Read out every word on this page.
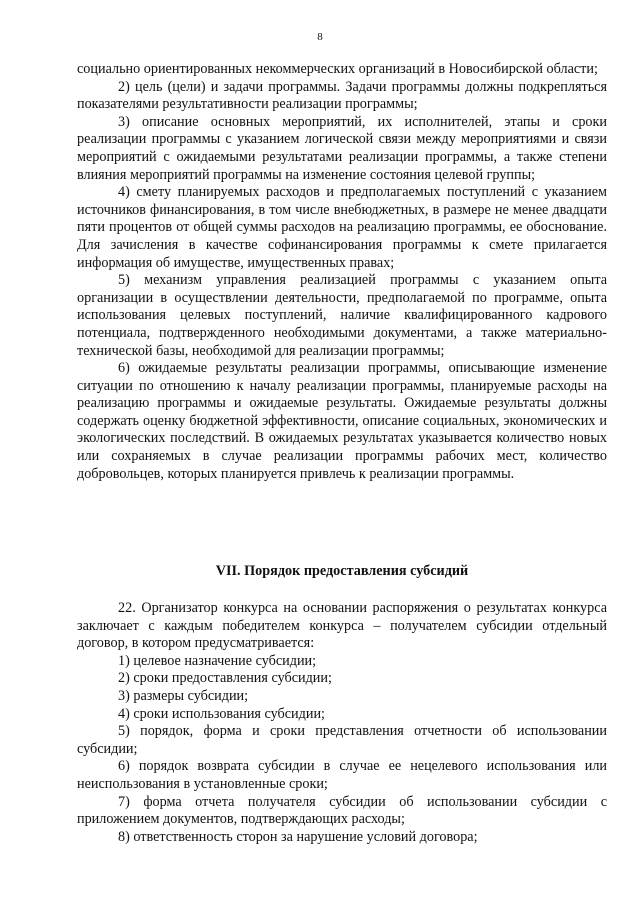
8

социально ориентированных некоммерческих организаций в Новосибирской области;

2) цель (цели) и задачи программы. Задачи программы должны подкрепляться показателями результативности реализации программы;

3) описание основных мероприятий, их исполнителей, этапы и сроки реализации программы с указанием логической связи между мероприятиями и связи мероприятий с ожидаемыми результатами реализации программы, а также степени влияния мероприятий программы на изменение состояния целевой группы;

4) смету планируемых расходов и предполагаемых поступлений с указанием источников финансирования, в том числе внебюджетных, в размере не менее двадцати пяти процентов от общей суммы расходов на реализацию программы, ее обоснование. Для зачисления в качестве софинансирования программы к смете прилагается информация об имуществе, имущественных правах;

5) механизм управления реализацией программы с указанием опыта организации в осуществлении деятельности, предполагаемой по программе, опыта использования целевых поступлений, наличие квалифицированного кадрового потенциала, подтвержденного необходимыми документами, а также материально-технической базы, необходимой для реализации программы;

6) ожидаемые результаты реализации программы, описывающие изменение ситуации по отношению к началу реализации программы, планируемые расходы на реализацию программы и ожидаемые результаты. Ожидаемые результаты должны содержать оценку бюджетной эффективности, описание социальных, экономических и экологических последствий. В ожидаемых результатах указывается количество новых или сохраняемых в случае реализации программы рабочих мест, количество добровольцев, которых планируется привлечь к реализации программы.

VII. Порядок предоставления субсидий

22. Организатор конкурса на основании распоряжения о результатах конкурса заключает с каждым победителем конкурса – получателем субсидии отдельный договор, в котором предусматривается:

1) целевое назначение субсидии;

2) сроки предоставления субсидии;

3) размеры субсидии;

4) сроки использования субсидии;

5) порядок, форма и сроки представления отчетности об использовании субсидии;

6) порядок возврата субсидии в случае ее нецелевого использования или неиспользования в установленные сроки;

7) форма отчета получателя субсидии об использовании субсидии с приложением документов, подтверждающих расходы;

8) ответственность сторон за нарушение условий договора;
